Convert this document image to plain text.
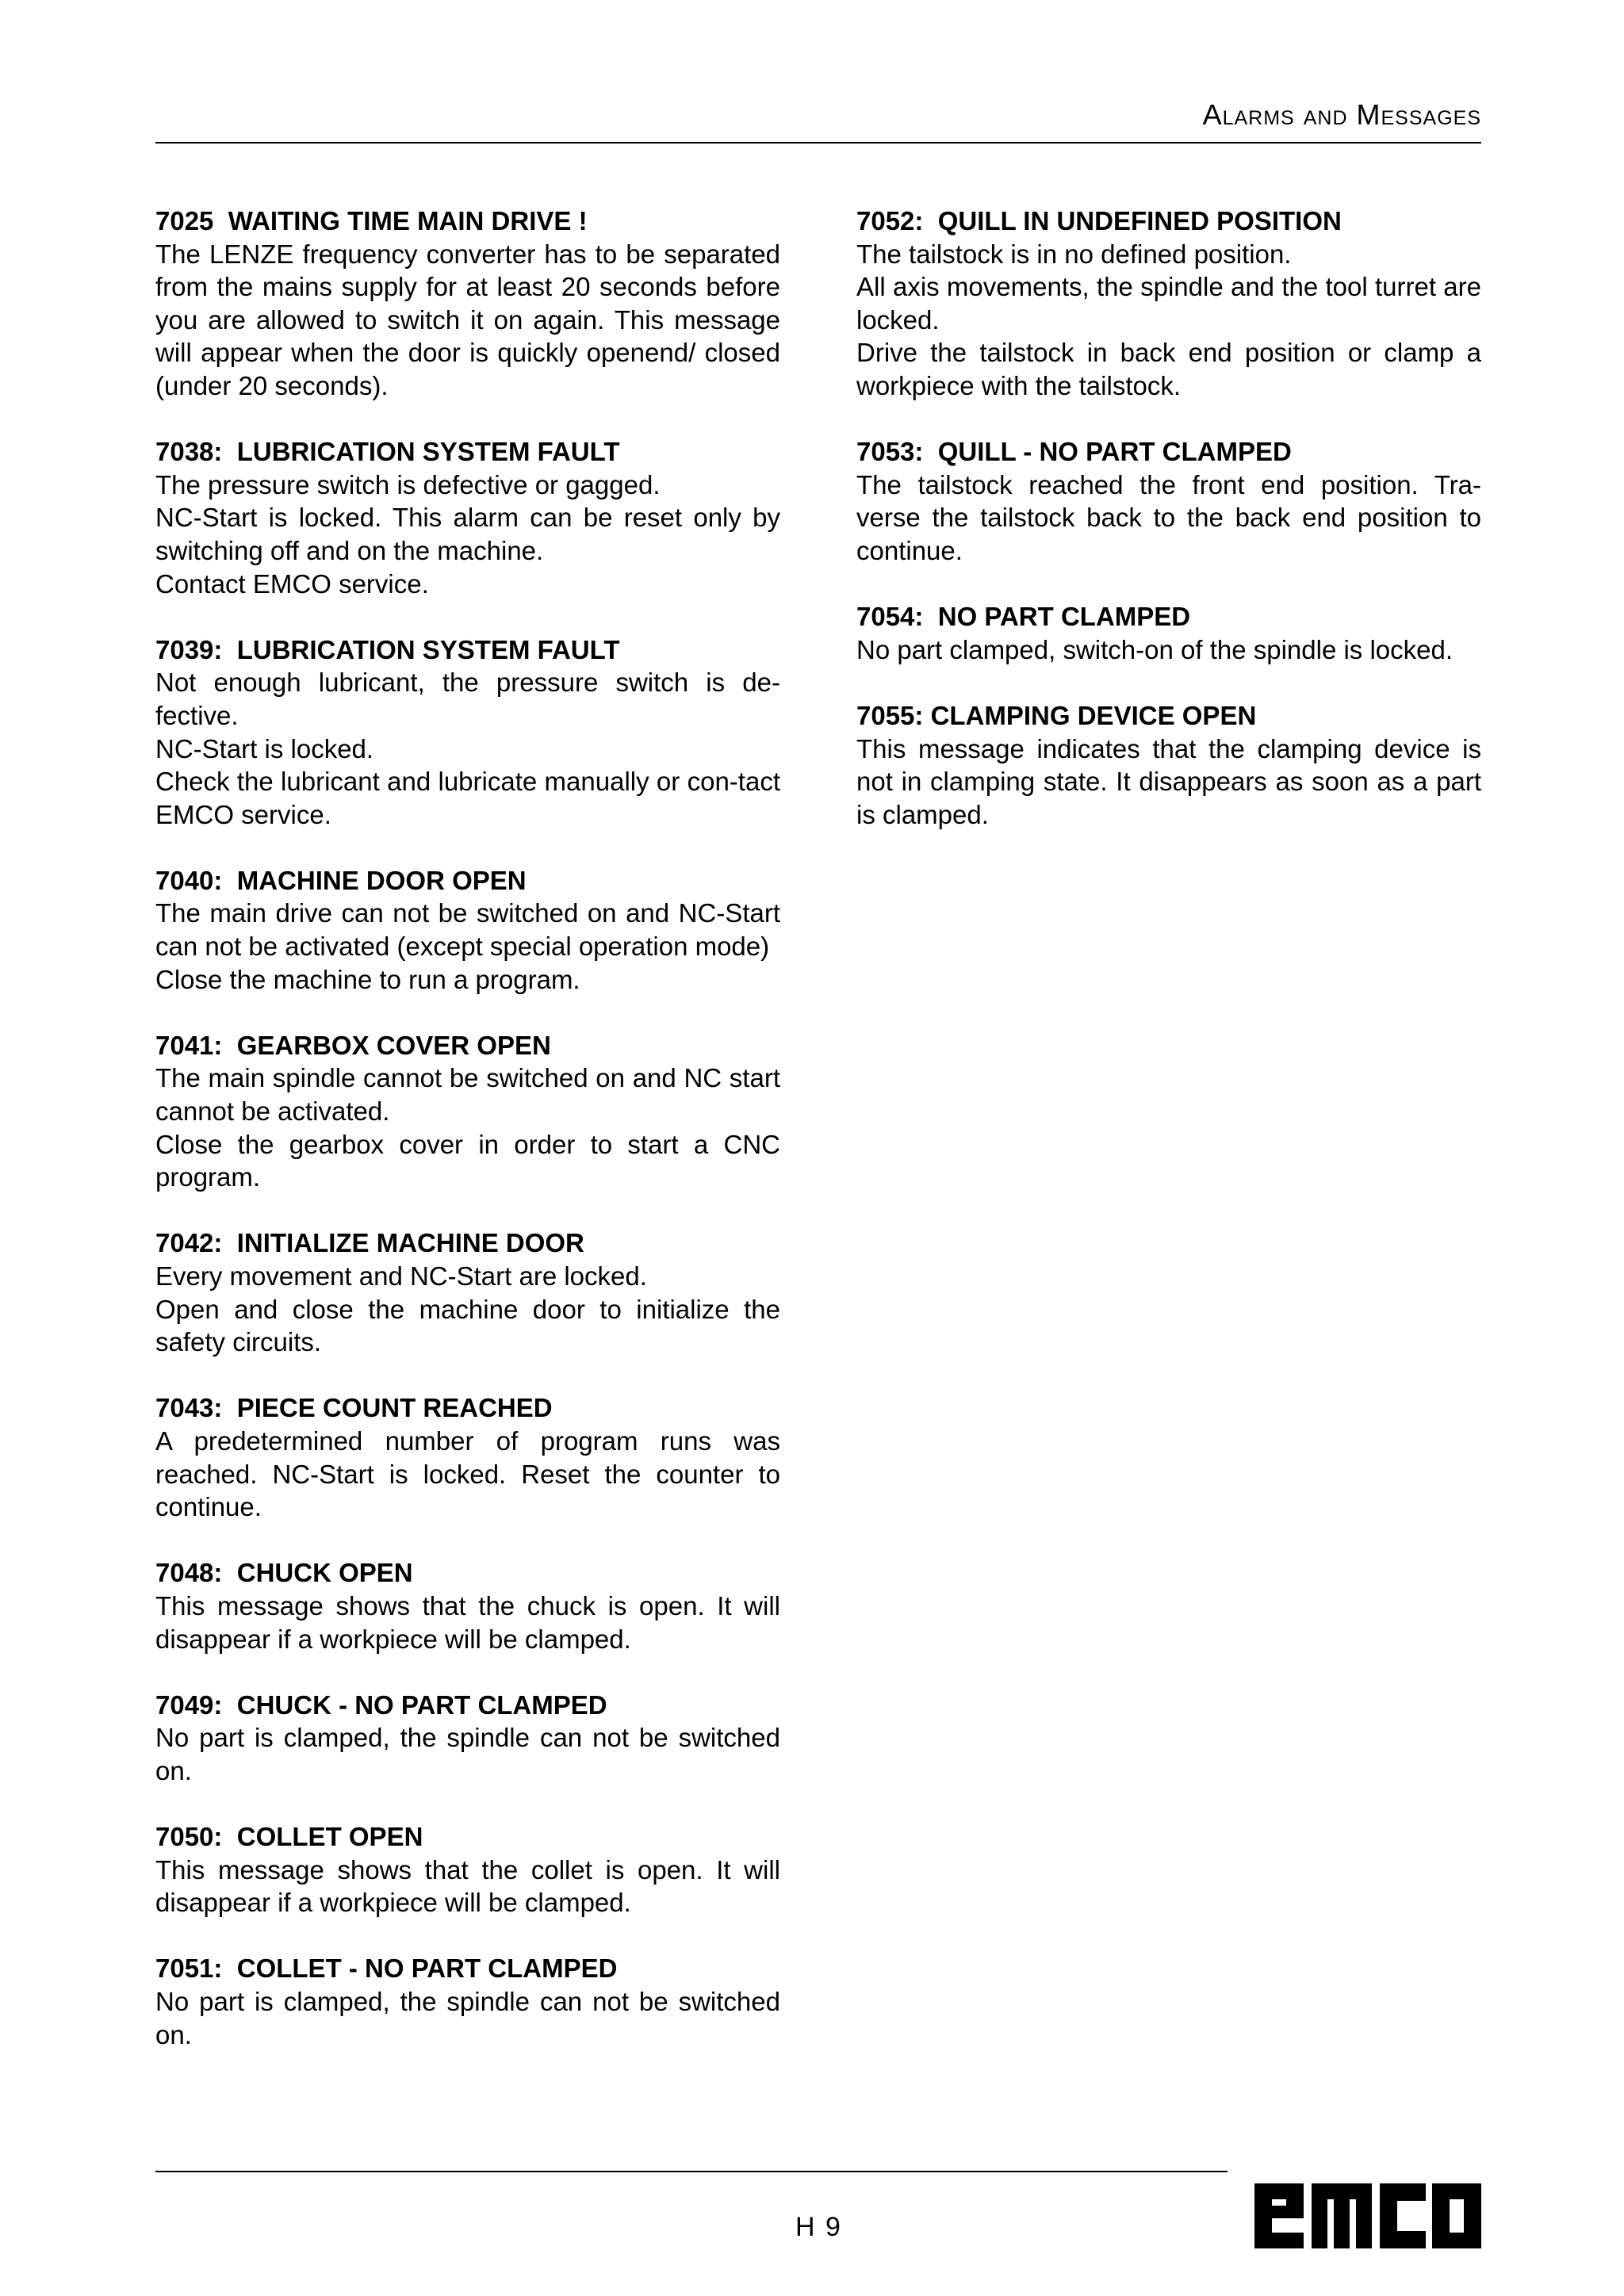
Alarms and Messages
7025  WAITING TIME MAIN DRIVE !
The LENZE frequency converter has to be separated from the mains supply for at least 20 seconds before you are allowed to switch it on again. This message will appear when the door is quickly openend/ closed (under 20 seconds).
7038:  LUBRICATION SYSTEM FAULT
The pressure switch is defective or gagged.
NC-Start is locked. This alarm can be reset only by switching off and on the machine.
Contact EMCO service.
7039:  LUBRICATION SYSTEM FAULT
Not enough lubricant, the pressure switch is de-fective.
NC-Start is locked.
Check the lubricant and lubricate manually or con-tact EMCO service.
7040:  MACHINE DOOR OPEN
The main drive can not be switched on and NC-Start can not be activated (except special operation mode)
Close the machine to run a program.
7041:  GEARBOX COVER OPEN
The main spindle cannot be switched on and NC start cannot be activated.
Close the gearbox cover in order to start a CNC program.
7042:  INITIALIZE MACHINE DOOR
Every movement and NC-Start are locked.
Open and close the machine door to initialize the safety circuits.
7043:  PIECE COUNT REACHED
A predetermined number of program runs was reached. NC-Start is locked. Reset the counter to continue.
7048:  CHUCK OPEN
This message shows that the chuck is open. It will disappear if a workpiece will be clamped.
7049:  CHUCK - NO PART CLAMPED
No part is clamped, the spindle can not be switched on.
7050:  COLLET OPEN
This message shows that the collet is open. It will disappear if a workpiece will be clamped.
7051:  COLLET - NO PART CLAMPED
No part is clamped, the spindle can not be switched on.
7052:  QUILL IN UNDEFINED POSITION
The tailstock is in no defined position.
All axis movements, the spindle and the tool turret are locked.
Drive the tailstock in back end position or clamp a workpiece with the tailstock.
7053:  QUILL - NO PART CLAMPED
The tailstock reached the front end position. Tra-verse the tailstock back to the back end position to continue.
7054:  NO PART CLAMPED
No part clamped, switch-on of the spindle is locked.
7055: CLAMPING DEVICE OPEN
This message indicates that the clamping device is not in clamping state. It disappears as soon as a part is clamped.
H 9
